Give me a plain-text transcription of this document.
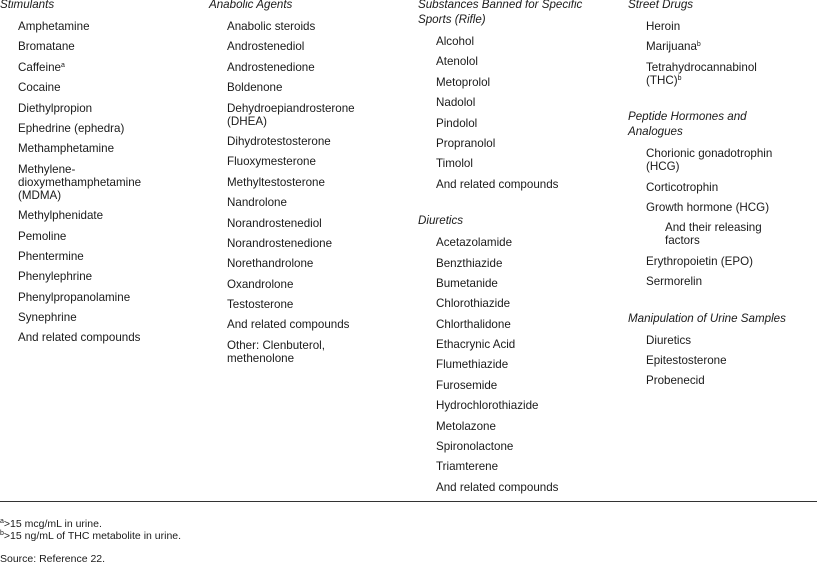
Stimulants
Amphetamine
Bromatane
Caffeine$^a$
Cocaine
Diethylpropion
Ephedrine (ephedra)
Methamphetamine
Methylene-
dioxymethamphetamine
(MDMA)
Methylphenidate
Pemoline
Phentermine
Phenylephrine
Phenylpropanolamine
Synephrine
And related compounds
Anabolic Agents
Anabolic steroids
Androstenediol
Androstenedione
Boldenone
Dehydroepiandrosterone
(DHEA)
Dihydrotestosterone
Fluoxymesterone
Methyltestosterone
Nandrolone
Norandrostenediol
Norandrostenedione
Norethandrolone
Oxandrolone
Testosterone
And related compounds
Other: Clenbuterol,
methenolone
Substances Banned for Specific
Sports (Rifle)
Alcohol
Atenolol
Metoprolol
Nadolol
Pindolol
Propranolol
Timolol
And related compounds
Diuretics
Acetazolamide
Benzthiazide
Bumetanide
Chlorothiazide
Chlorthalidone
Ethacrynic Acid
Flumethiazide
Furosemide
Hydrochlorothiazide
Metolazone
Spironolactone
Triamterene
And related compounds
Street Drugs
Heroin
Marijuana$^b$
Tetrahydrocannabinol
(THC)$^b$
Peptide Hormones and
Analogues
Chorionic gonadotrophin
(HCG)
Corticotrophin
Growth hormone (HCG)
And their releasing
factors
Erythropoietin (EPO)
Sermorelin
Manipulation of Urine Samples
Diuretics
Epitestosterone
Probenecid
$^a$>15 mcg/mL in urine.
$^b$>15 ng/mL of THC metabolite in urine.
Source: Reference 22.
